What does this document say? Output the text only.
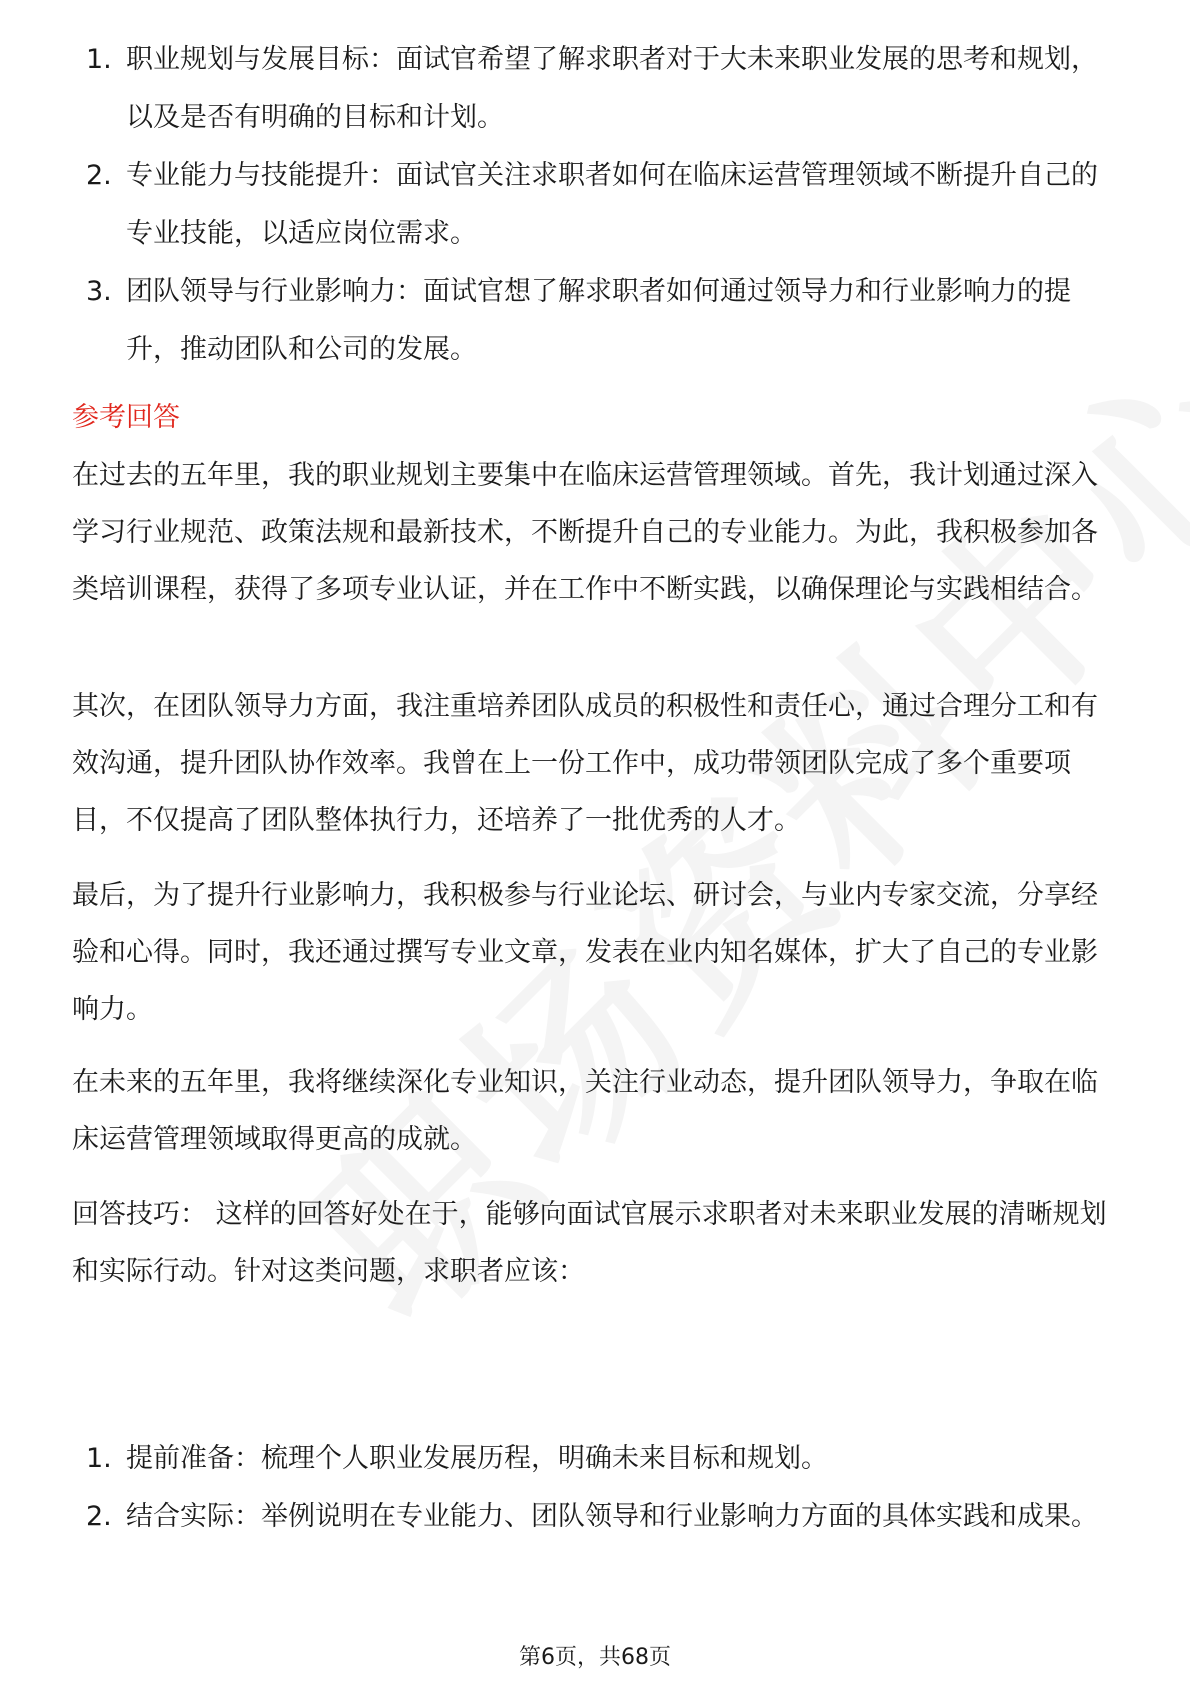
1. 职业规划与发展目标：面试官希望了解求职者对于大未来职业发展的思考和规划，以及是否有明确的目标和计划。
2. 专业能力与技能提升：面试官关注求职者如何在临床运营管理领域不断提升自己的专业技能，以适应岗位需求。
3. 团队领导与行业影响力：面试官想了解求职者如何通过领导力和行业影响力的提升，推动团队和公司的发展。
参考回答

在过去的五年里，我的职业规划主要集中在临床运营管理领域。首先，我计划通过深入学习行业规范、政策法规和最新技术，不断提升自己的专业能力。为此，我积极参加各类培训课程，获得了多项专业认证，并在工作中不断实践，以确保理论与实践相结合。

其次，在团队领导力方面，我注重培养团队成员的积极性和责任心，通过合理分工和有效沟通，提升团队协作效率。我曾在上一份工作中，成功带领团队完成了多个重要项目，不仅提高了团队整体执行力，还培养了一批优秀的人才。

最后，为了提升行业影响力，我积极参与行业论坛、研讨会，与业内专家交流，分享经验和心得。同时，我还通过撰写专业文章，发表在业内知名媒体，扩大了自己的专业影响力。

在未来的五年里，我将继续深化专业知识，关注行业动态，提升团队领导力，争取在临床运营管理领域取得更高的成就。

回答技巧： 这样的回答好处在于，能够向面试官展示求职者对未来职业发展的清晰规划和实际行动。针对这类问题，求职者应该：

1. 提前准备：梳理个人职业发展历程，明确未来目标和规划。
2. 结合实际：举例说明在专业能力、团队领导和行业影响力方面的具体实践和成果。
第6页，共68页
